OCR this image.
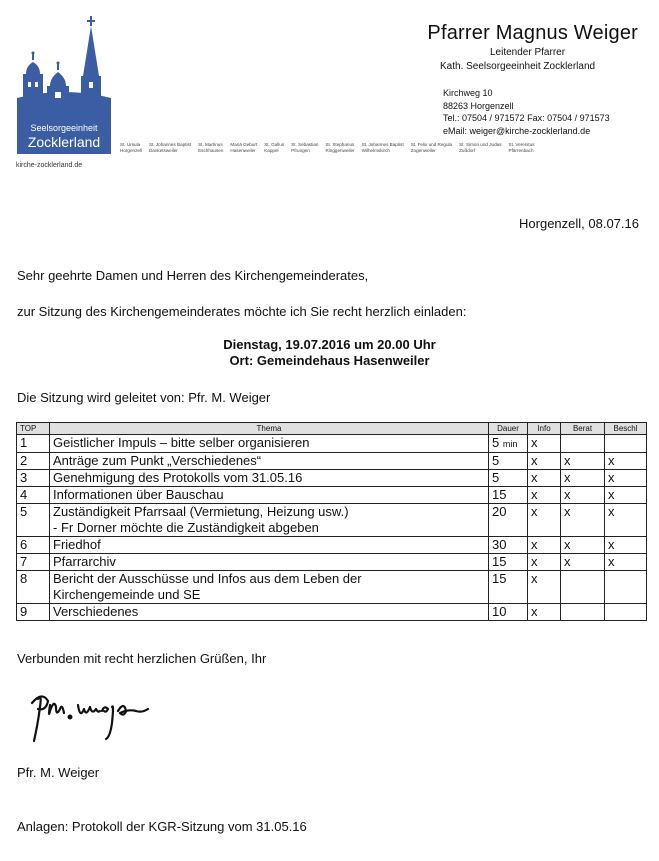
Seelsorgeeinheit
Zocklerland
kirche-zocklerland.de
St. Ursula
Horgenzell
St. Johannes Baptist
Danketsweiler
St. Martinus
Eschhausen
Mariä Geburt
Hasenweiler
St. Gallus
Kappel
St. Sebastian
Pfrungen
St. Stephanus
Ringgenweiler
St. Johannes Baptist
Wilhelmskirch
St. Felix und Regula
Zogenweiler
St. Simon und Judas
Zußdorf
St. Verenitus
Pfärrenbach
Pfarrer Magnus Weiger
Leitender Pfarrer
Kath. Seelsorgeeinheit Zocklerland
Kirchweg 10
88263 Horgenzell
Tel.: 07504 / 971572 Fax: 07504 / 971573
eMail: weiger@kirche-zocklerland.de
Horgenzell, 08.07.16
Sehr geehrte Damen und Herren des Kirchengemeinderates,
zur Sitzung des Kirchengemeinderates möchte ich Sie recht herzlich einladen:
Dienstag, 19.07.2016 um 20.00 Uhr
Ort: Gemeindehaus Hasenweiler
Die Sitzung wird geleitet von: Pfr. M. Weiger
TOP	Thema	Dauer	Info	Berat	Beschl
1	Geistlicher Impuls – bitte selber organisieren	5 min	x		
2	Anträge zum Punkt „Verschiedenes“	5	x	x	x
3	Genehmigung des Protokolls vom 31.05.16	5	x	x	x
4	Informationen über Bauschau	15	x	x	x
5	Zuständigkeit Pfarrsaal (Vermietung, Heizung usw.)
- Fr Dorner möchte die Zuständigkeit abgeben	20	x	x	x
6	Friedhof	30	x	x	x
7	Pfarrarchiv	15	x	x	x
8	Bericht der Ausschüsse und Infos aus dem Leben der
Kirchengemeinde und SE	15	x		
9	Verschiedenes	10	x		
Verbunden mit recht herzlichen Grüßen, Ihr
Pfr. M. Weiger
Anlagen: Protokoll der KGR-Sitzung vom 31.05.16
